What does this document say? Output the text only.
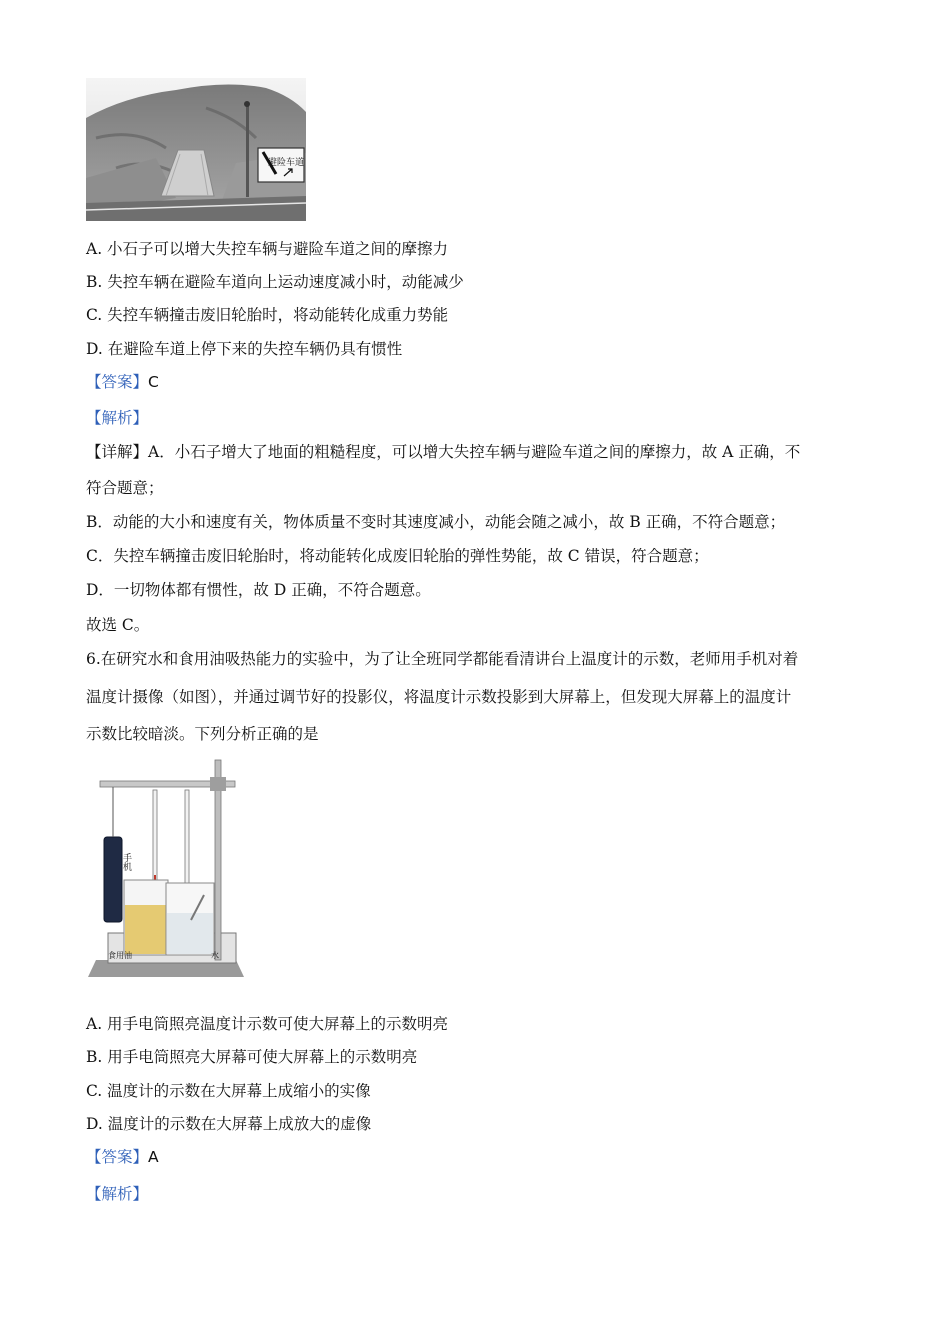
避险车道
A. 小石子可以增大失控车辆与避险车道之间的摩擦力
B. 失控车辆在避险车道向上运动速度减小时，动能减少
C. 失控车辆撞击废旧轮胎时，将动能转化成重力势能
D. 在避险车道上停下来的失控车辆仍具有惯性
【答案】C
【解析】
【详解】A．小石子增大了地面的粗糙程度，可以增大失控车辆与避险车道之间的摩擦力，故 A 正确，不
符合题意；
B．动能的大小和速度有关，物体质量不变时其速度减小，动能会随之减小，故 B 正确，不符合题意；
C．失控车辆撞击废旧轮胎时，将动能转化成废旧轮胎的弹性势能，故 C 错误，符合题意；
D．一切物体都有惯性，故 D 正确，不符合题意。
故选 C。
6.在研究水和食用油吸热能力的实验中，为了让全班同学都能看清讲台上温度计的示数，老师用手机对着
温度计摄像（如图），并通过调节好的投影仪，将温度计示数投影到大屏幕上，但发现大屏幕上的温度计
示数比较暗淡。下列分析正确的是
手机
食用油	水
A. 用手电筒照亮温度计示数可使大屏幕上的示数明亮
B. 用手电筒照亮大屏幕可使大屏幕上的示数明亮
C. 温度计的示数在大屏幕上成缩小的实像
D. 温度计的示数在大屏幕上成放大的虚像
【答案】A
【解析】
